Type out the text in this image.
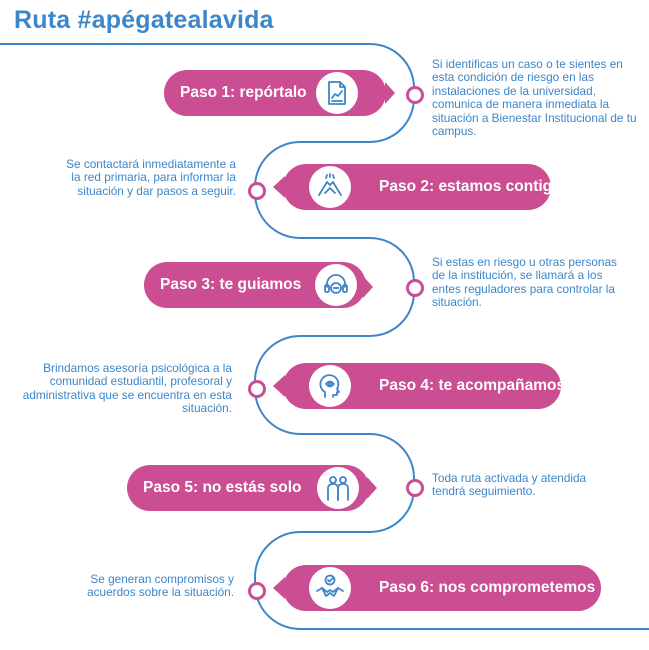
Ruta #apégatealavida
Paso 1: repórtalo

Si identificas un caso o te sientes en esta condición de riesgo en las instalaciones de la universidad, comunica de manera inmediata la situación a Bienestar Institucional de tu campus.

Paso 2: estamos contigo

Se contactará inmediatamente a la red primaria, para informar la situación y dar pasos a seguir.

Paso 3: te guiamos

Si estas en riesgo u otras personas de la institución, se llamará a los entes reguladores para controlar la situación.

Paso 4: te acompañamos

Brindamos asesoría psicológica a la comunidad estudiantil, profesoral y administrativa que se encuentra en esta situación.

Paso 5: no estás solo

Toda ruta activada y atendida tendrá seguimiento.

Paso 6: nos comprometemos

Se generan compromisos y acuerdos sobre la situación.
